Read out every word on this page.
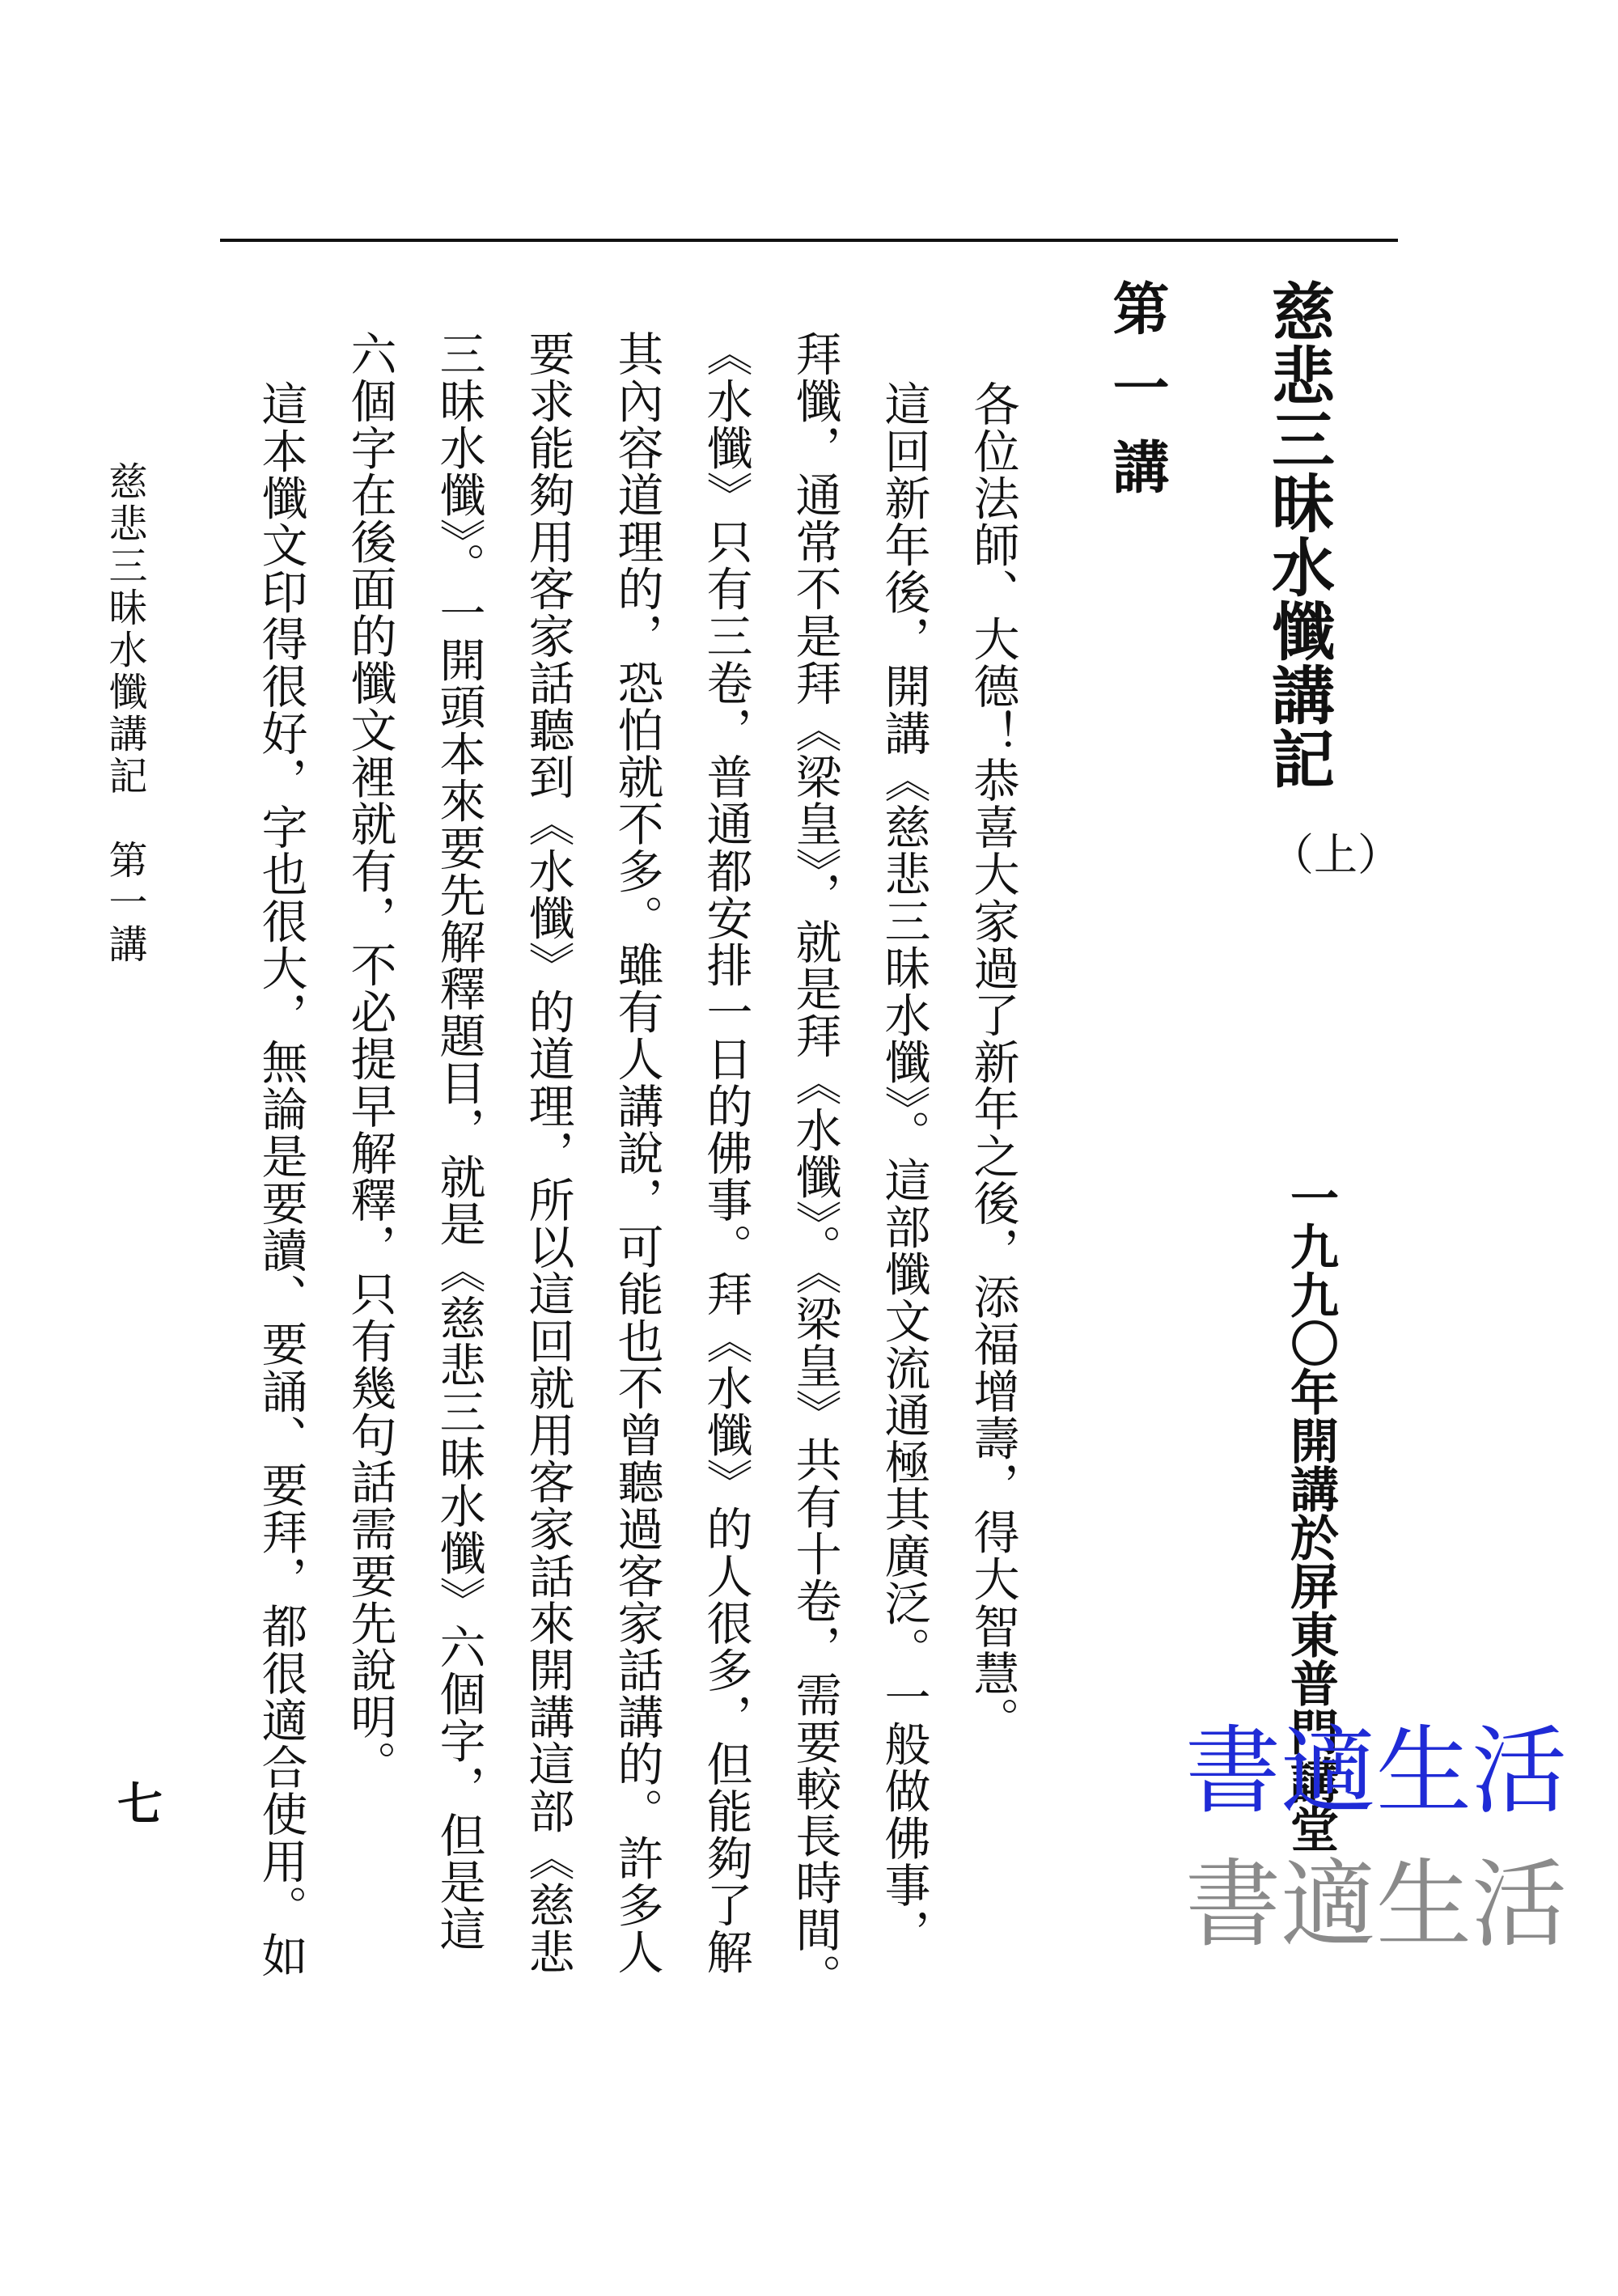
慈悲三昧水懺講記
（上）
一九九〇年開講於屏東普門講堂
第一講
各位法師、大德！恭喜大家過了新年之後，添福增壽，得大智慧。
這回新年後，開講《慈悲三昧水懺》。這部懺文流通極其廣泛。一般做佛事，
拜懺，通常不是拜《梁皇》，就是拜《水懺》。《梁皇》共有十卷，需要較長時間。
《水懺》只有三卷，普通都安排一日的佛事。拜《水懺》的人很多，但能夠了解
其內容道理的，恐怕就不多。雖有人講說，可能也不曾聽過客家話講的。許多人
要求能夠用客家話聽到《水懺》的道理，所以這回就用客家話來開講這部《慈悲
三昧水懺》。一開頭本來要先解釋題目，就是《慈悲三昧水懺》六個字，但是這
六個字在後面的懺文裡就有，不必提早解釋，只有幾句話需要先說明。
這本懺文印得很好，字也很大，無論是要讀、要誦、要拜，都很適合使用。如
慈悲三昧水懺講記　第一講
七	書適生活
書適生活
